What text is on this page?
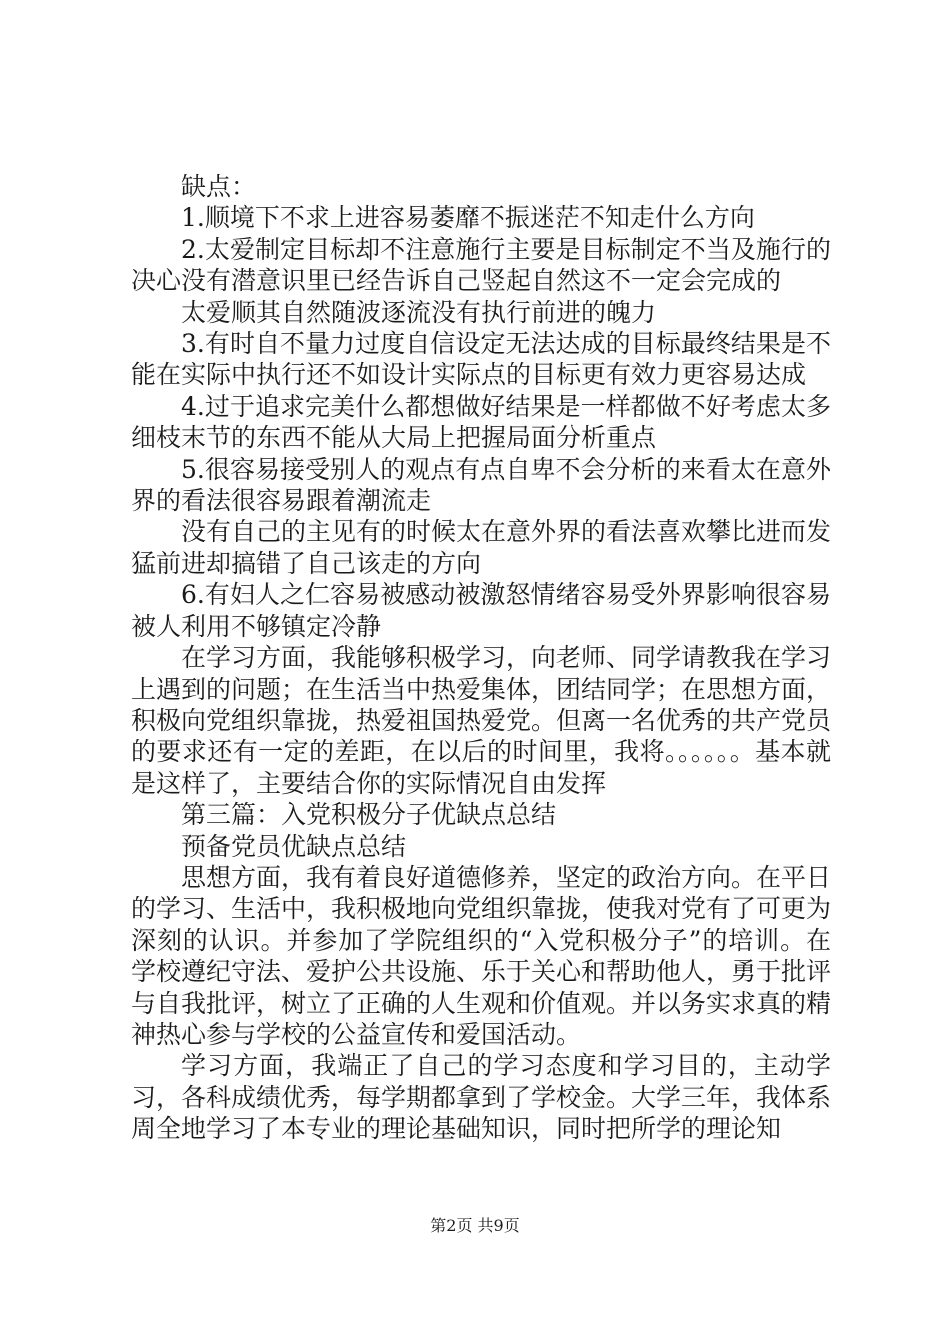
缺点：

1.顺境下不求上进容易萎靡不振迷茫不知走什么方向

2.太爱制定目标却不注意施行主要是目标制定不当及施行的决心没有潜意识里已经告诉自己竖起自然这不一定会完成的

太爱顺其自然随波逐流没有执行前进的魄力

3.有时自不量力过度自信设定无法达成的目标最终结果是不能在实际中执行还不如设计实际点的目标更有效力更容易达成

4.过于追求完美什么都想做好结果是一样都做不好考虑太多细枝末节的东西不能从大局上把握局面分析重点

5.很容易接受别人的观点有点自卑不会分析的来看太在意外界的看法很容易跟着潮流走

没有自己的主见有的时候太在意外界的看法喜欢攀比进而发猛前进却搞错了自己该走的方向

6.有妇人之仁容易被感动被激怒情绪容易受外界影响很容易被人利用不够镇定冷静

在学习方面，我能够积极学习，向老师、同学请教我在学习上遇到的问题；在生活当中热爱集体，团结同学；在思想方面，积极向党组织靠拢，热爱祖国热爱党。但离一名优秀的共产党员的要求还有一定的差距，在以后的时间里，我将。。。。。。基本就是这样了，主要结合你的实际情况自由发挥

第三篇：入党积极分子优缺点总结

预备党员优缺点总结

思想方面，我有着良好道德修养，坚定的政治方向。在平日的学习、生活中，我积极地向党组织靠拢，使我对党有了可更为深刻的认识。并参加了学院组织的“入党积极分子”的培训。在学校遵纪守法、爱护公共设施、乐于关心和帮助他人，勇于批评与自我批评，树立了正确的人生观和价值观。并以务实求真的精神热心参与学校的公益宣传和爱国活动。

学习方面，我端正了自己的学习态度和学习目的，主动学习，各科成绩优秀，每学期都拿到了学校金。大学三年，我体系周全地学习了本专业的理论基础知识，同时把所学的理论知

第2页 共9页
